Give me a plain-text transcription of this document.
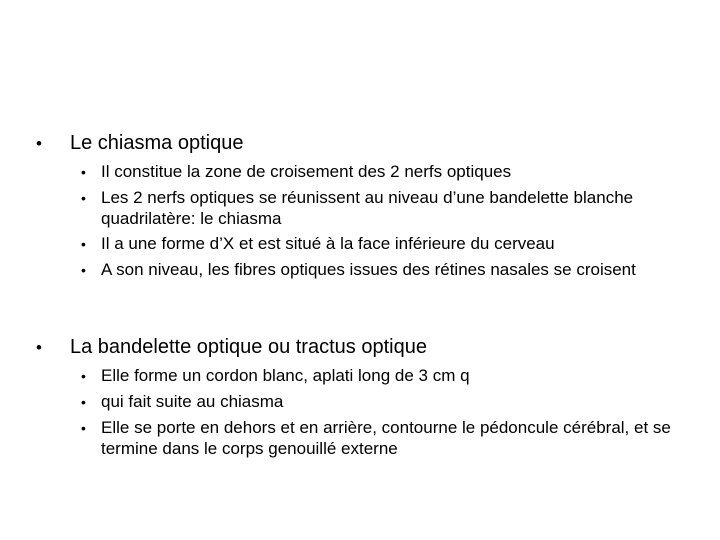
•	Le chiasma optique
• Il constitue la zone de croisement des 2 nerfs optiques
• Les 2 nerfs optiques se réunissent au niveau d’une bandelette blanche quadrilatère: le chiasma
• Il a une forme d’X et est situé à la face inférieure du cerveau
• A son niveau, les fibres optiques issues des rétines nasales se croisent
•	La bandelette optique ou tractus optique
• Elle forme un cordon blanc, aplati long de 3 cm q
• qui fait suite au chiasma
• Elle se porte en dehors et en arrière, contourne le pédoncule cérébral, et se termine dans le corps genouillé externe
